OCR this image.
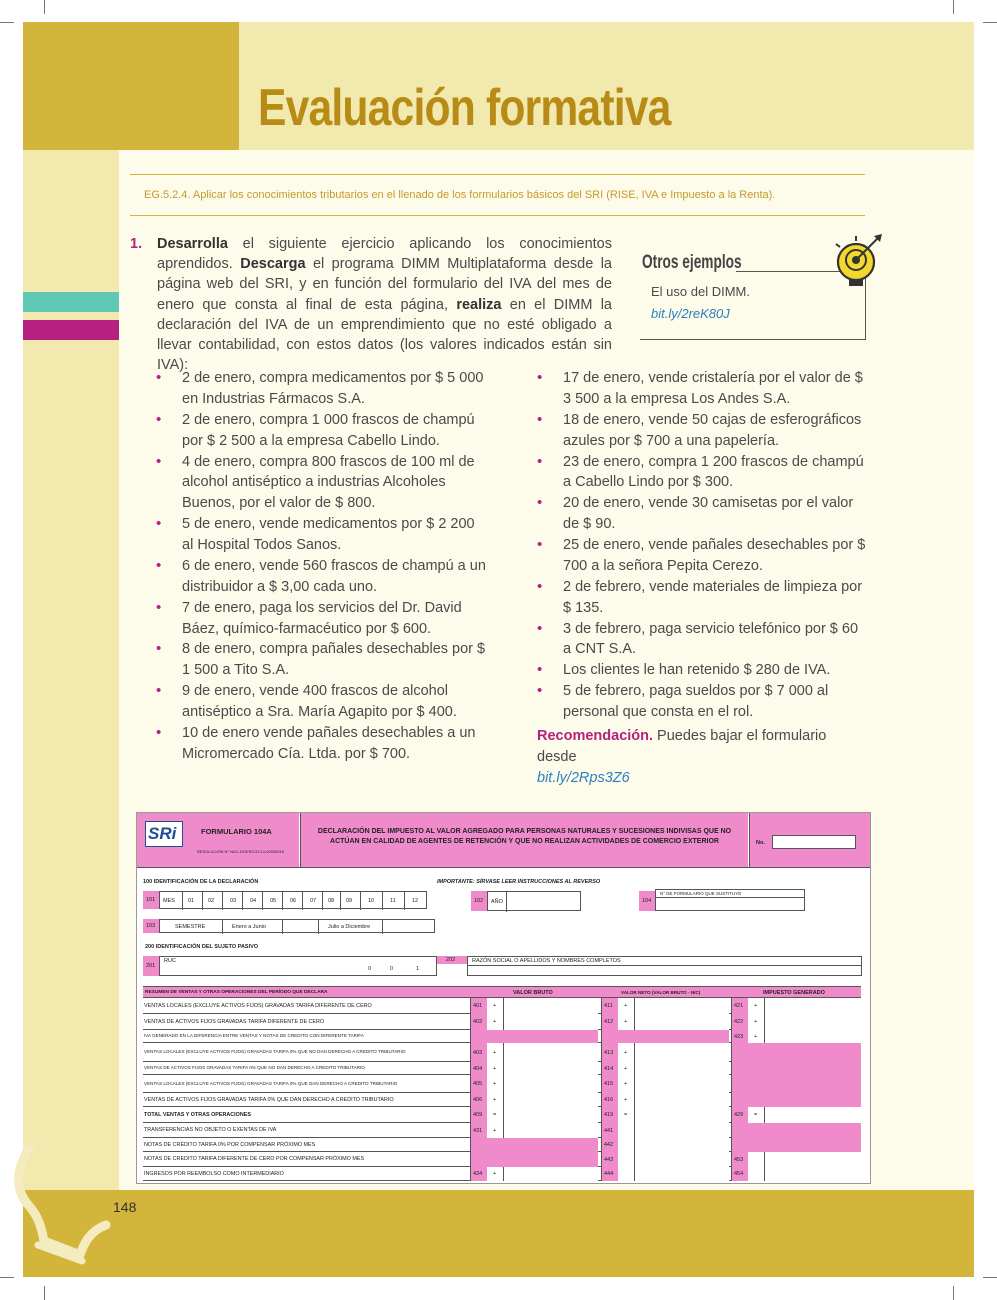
Evaluación formativa
EG.5.2.4. Aplicar los conocimientos tributarios en el llenado de los formularios básicos del SRI (RISE, IVA e Impuesto a la Renta).
1. Desarrolla el siguiente ejercicio aplicando los conocimientos aprendidos. Descarga el programa DIMM Multiplataforma desde la página web del SRI, y en función del formulario del IVA del mes de enero que consta al final de esta página, realiza en el DIMM la declaración del IVA de un emprendimiento que no esté obligado a llevar contabilidad, con estos datos (los valores indicados están sin IVA):
Otros ejemplos
El uso del DIMM.
bit.ly/2reK80J
• 2 de enero, compra medicamentos por $ 5 000 en Industrias Fármacos S.A.
• 2 de enero, compra 1 000 frascos de champú por $ 2 500 a la empresa Cabello Lindo.
• 4 de enero, compra 800 frascos de 100 ml de alcohol antiséptico a industrias Alcoholes Buenos, por el valor de $ 800.
• 5 de enero, vende medicamentos por $ 2 200 al Hospital Todos Sanos.
• 6 de enero, vende 560 frascos de champú a un distribuidor a $ 3,00 cada uno.
• 7 de enero, paga los servicios del Dr. David Báez, químico-farmacéutico por $ 600.
• 8 de enero, compra pañales desechables por $ 1 500 a Tito S.A.
• 9 de enero, vende 400 frascos de alcohol antiséptico a Sra. María Agapito por $ 400.
• 10 de enero vende pañales desechables a un Micromercado Cía. Ltda. por $ 700.
• 17 de enero, vende cristalería por el valor de $ 3 500 a la empresa Los Andes S.A.
• 18 de enero, vende 50 cajas de esferográficos azules por $ 700 a una papelería.
• 23 de enero, compra 1 200 frascos de champú a Cabello Lindo por $ 300.
• 20 de enero, vende 30 camisetas por el valor de $ 90.
• 25 de enero, vende pañales desechables por $ 700 a la señora Pepita Cerezo.
• 2 de febrero, vende materiales de limpieza por $ 135.
• 3 de febrero, paga servicio telefónico por $ 60 a CNT S.A.
• Los clientes le han retenido $ 280 de IVA.
• 5 de febrero, paga sueldos por $ 7 000 al personal que consta en el rol.
Recomendación. Puedes bajar el formulario desde
bit.ly/2Rps3Z6
SRi	FORMULARIO 104A
RESOLUCIÓN N° NAC-DGERCGC14-00000016
DECLARACIÓN DEL IMPUESTO AL VALOR AGREGADO PARA PERSONAS NATURALES Y SUCESIONES INDIVISAS QUE NO ACTÚAN EN CALIDAD DE AGENTES DE RETENCIÓN Y QUE NO REALIZAN ACTIVIDADES DE COMERCIO EXTERIOR	No.
100 IDENTIFICACIÓN DE LA DECLARACIÓN	IMPORTANTE: SÍRVASE LEER INSTRUCCIONES AL REVERSO
101 MES 01	02	03	04	05	06	07 08 09	10	11	12	102 AÑO	104
N° DE FORMULARIO QUE SUSTITUYE
103	SEMESTRE	Enero a Junio	Julio a Diciembre
200 IDENTIFICACIÓN DEL SUJETO PASIVO
201
RUC
0	0	1
202	RAZÓN SOCIAL O APELLIDOS Y NOMBRES COMPLETOS
RESUMEN DE VENTAS Y OTRAS OPERACIONES DEL PERÍODO QUE DECLARA	VALOR BRUTO	VALOR NETO (VALOR BRUTO - N/C)	IMPUESTO GENERADO
VENTAS LOCALES (EXCLUYE ACTIVOS FIJOS) GRAVADAS TARIFA DIFERENTE DE CERO	401 +	411 +	421 +
VENTAS DE ACTIVOS FIJOS GRAVADAS TARIFA DIFERENTE DE CERO	402 +	412 +	422 +
IVA GENERADO EN LA DIFERENCIA ENTRE VENTAS Y NOTAS DE CREDITO CON DIFERENTE TARIFA	423 +
VENTAS LOCALES (EXCLUYE ACTIVOS FIJOS) GRAVADAS TARIFA 0% QUE NO DAN DERECHO A CREDITO TRIBUTARIO	403 +	413 +
VENTAS DE ACTIVOS FIJOS GRAVADAS TARIFA 0% QUE NO DAN DERECHO A CREDITO TRIBUTARIO	404 +	414 +
VENTAS LOCALES (EXCLUYE ACTIVOS FIJOS) GRAVADAS TARIFA 0% QUE DAN DERECHO A CREDITO TRIBUTARIO	405 +	415 +
VENTAS DE ACTIVOS FIJOS GRAVADAS TARIFA 0% QUE DAN DERECHO A CREDITO TRIBUTARIO	406 +	416 +
TOTAL VENTAS Y OTRAS OPERACIONES	409 =	419 =	429 =
TRANSFERENCIAS NO OBJETO O EXENTAS DE IVA	431 +	441
NOTAS DE CRÉDITO TARIFA 0% POR COMPENSAR PRÓXIMO MES	442
NOTAS DE CREDITO TARIFA DIFERENTE DE CERO POR COMPENSAR PRÓXIMO MES	443	453
INGRESOS POR REEMBOLSO COMO INTERMEDIARIO	434 +	444	454
148
